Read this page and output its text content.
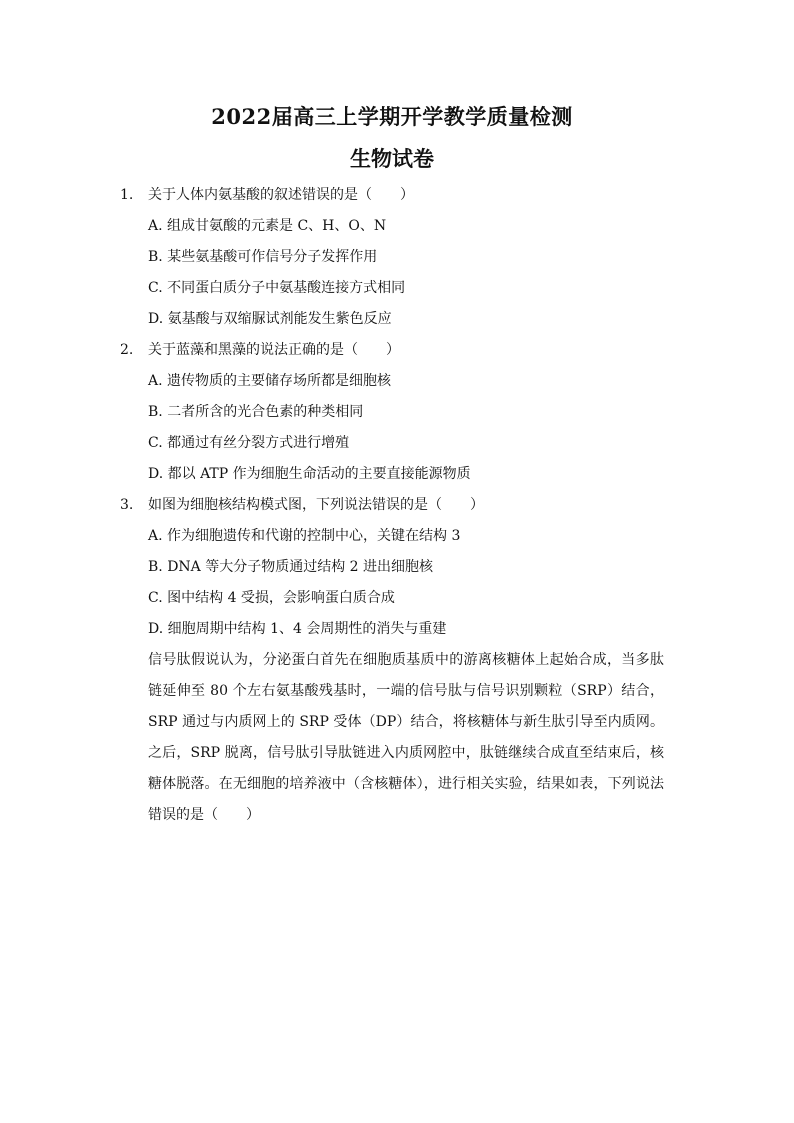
2022届高三上学期开学教学质量检测
生物试卷

1.	关于人体内氨基酸的叙述错误的是（　　）

A. 组成甘氨酸的元素是 C、H、O、N
B. 某些氨基酸可作信号分子发挥作用
C. 不同蛋白质分子中氨基酸连接方式相同
D. 氨基酸与双缩脲试剂能发生紫色反应

2.	关于蓝藻和黑藻的说法正确的是（　　）

A. 遗传物质的主要储存场所都是细胞核
B. 二者所含的光合色素的种类相同
C. 都通过有丝分裂方式进行增殖
D. 都以 ATP 作为细胞生命活动的主要直接能源物质

3.	如图为细胞核结构模式图，下列说法错误的是（　　）

A. 作为细胞遗传和代谢的控制中心，关键在结构 3
B. DNA 等大分子物质通过结构 2 进出细胞核
C. 图中结构 4 受损，会影响蛋白质合成
D. 细胞周期中结构 1、4 会周期性的消失与重建

信号肽假说认为，分泌蛋白首先在细胞质基质中的游离核糖体上起始合成，当多肽链延伸至 80 个左右氨基酸残基时，一端的信号肽与信号识别颗粒（SRP）结合，SRP 通过与内质网上的 SRP 受体（DP）结合，将核糖体与新生肽引导至内质网。之后，SRP 脱离，信号肽引导肽链进入内质网腔中，肽链继续合成直至结束后，核糖体脱落。在无细胞的培养液中（含核糖体），进行相关实验，结果如表，下列说法错误的是（　　）
